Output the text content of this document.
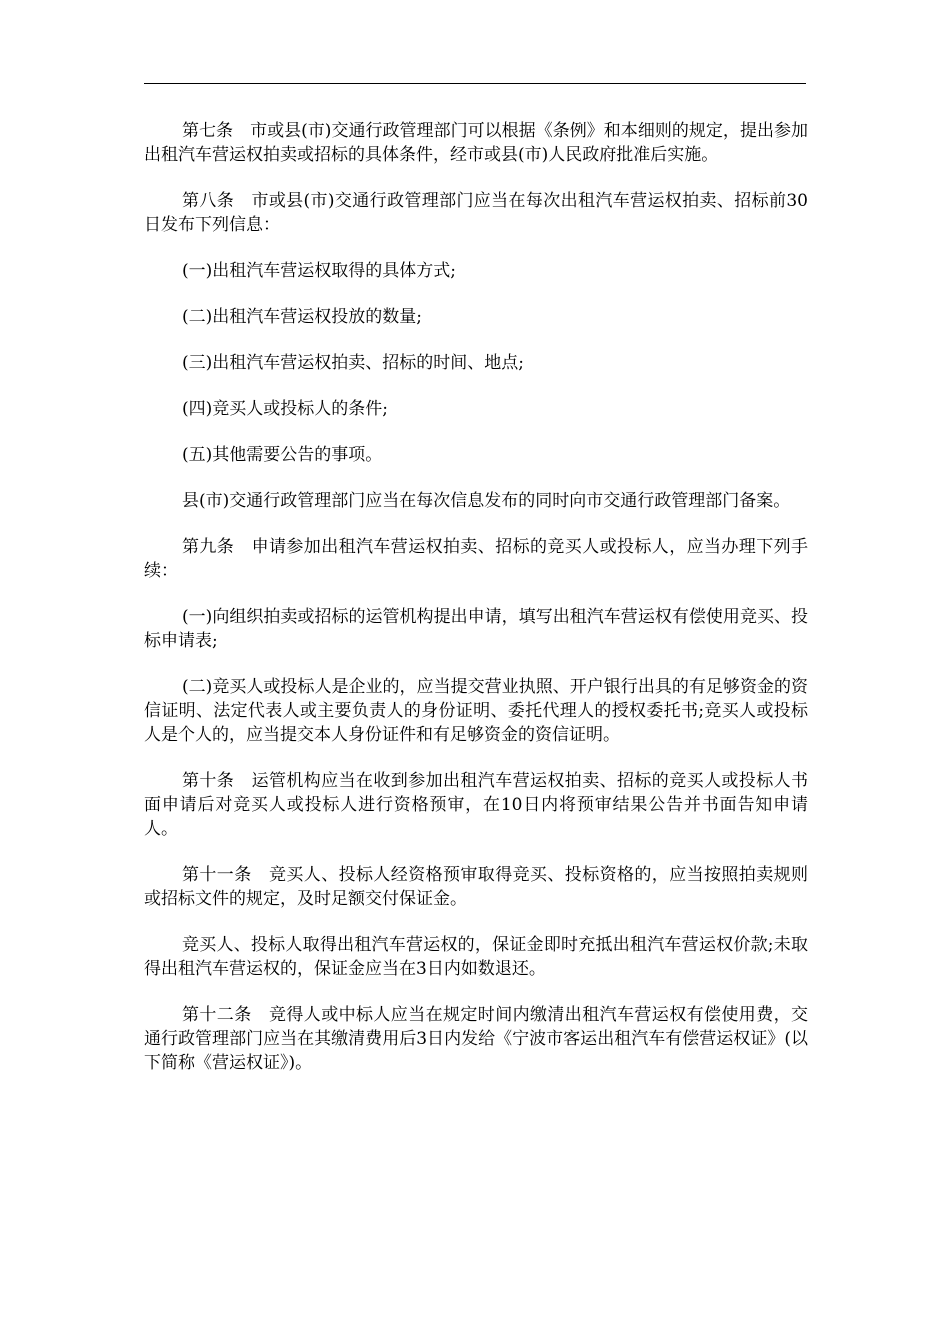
第七条　市或县(市)交通行政管理部门可以根据《条例》和本细则的规定，提出参加出租汽车营运权拍卖或招标的具体条件，经市或县(市)人民政府批准后实施。

第八条　市或县(市)交通行政管理部门应当在每次出租汽车营运权拍卖、招标前30日发布下列信息：

(一)出租汽车营运权取得的具体方式;

(二)出租汽车营运权投放的数量;

(三)出租汽车营运权拍卖、招标的时间、地点;

(四)竞买人或投标人的条件;

(五)其他需要公告的事项。

县(市)交通行政管理部门应当在每次信息发布的同时向市交通行政管理部门备案。

第九条　申请参加出租汽车营运权拍卖、招标的竞买人或投标人，应当办理下列手续：

(一)向组织拍卖或招标的运管机构提出申请，填写出租汽车营运权有偿使用竞买、投标申请表;

(二)竞买人或投标人是企业的，应当提交营业执照、开户银行出具的有足够资金的资信证明、法定代表人或主要负责人的身份证明、委托代理人的授权委托书;竞买人或投标人是个人的，应当提交本人身份证件和有足够资金的资信证明。

第十条　运管机构应当在收到参加出租汽车营运权拍卖、招标的竞买人或投标人书面申请后对竞买人或投标人进行资格预审，在10日内将预审结果公告并书面告知申请人。

第十一条　竞买人、投标人经资格预审取得竞买、投标资格的，应当按照拍卖规则或招标文件的规定，及时足额交付保证金。

竞买人、投标人取得出租汽车营运权的，保证金即时充抵出租汽车营运权价款;未取得出租汽车营运权的，保证金应当在3日内如数退还。

第十二条　竞得人或中标人应当在规定时间内缴清出租汽车营运权有偿使用费，交通行政管理部门应当在其缴清费用后3日内发给《宁波市客运出租汽车有偿营运权证》(以下简称《营运权证》)。
